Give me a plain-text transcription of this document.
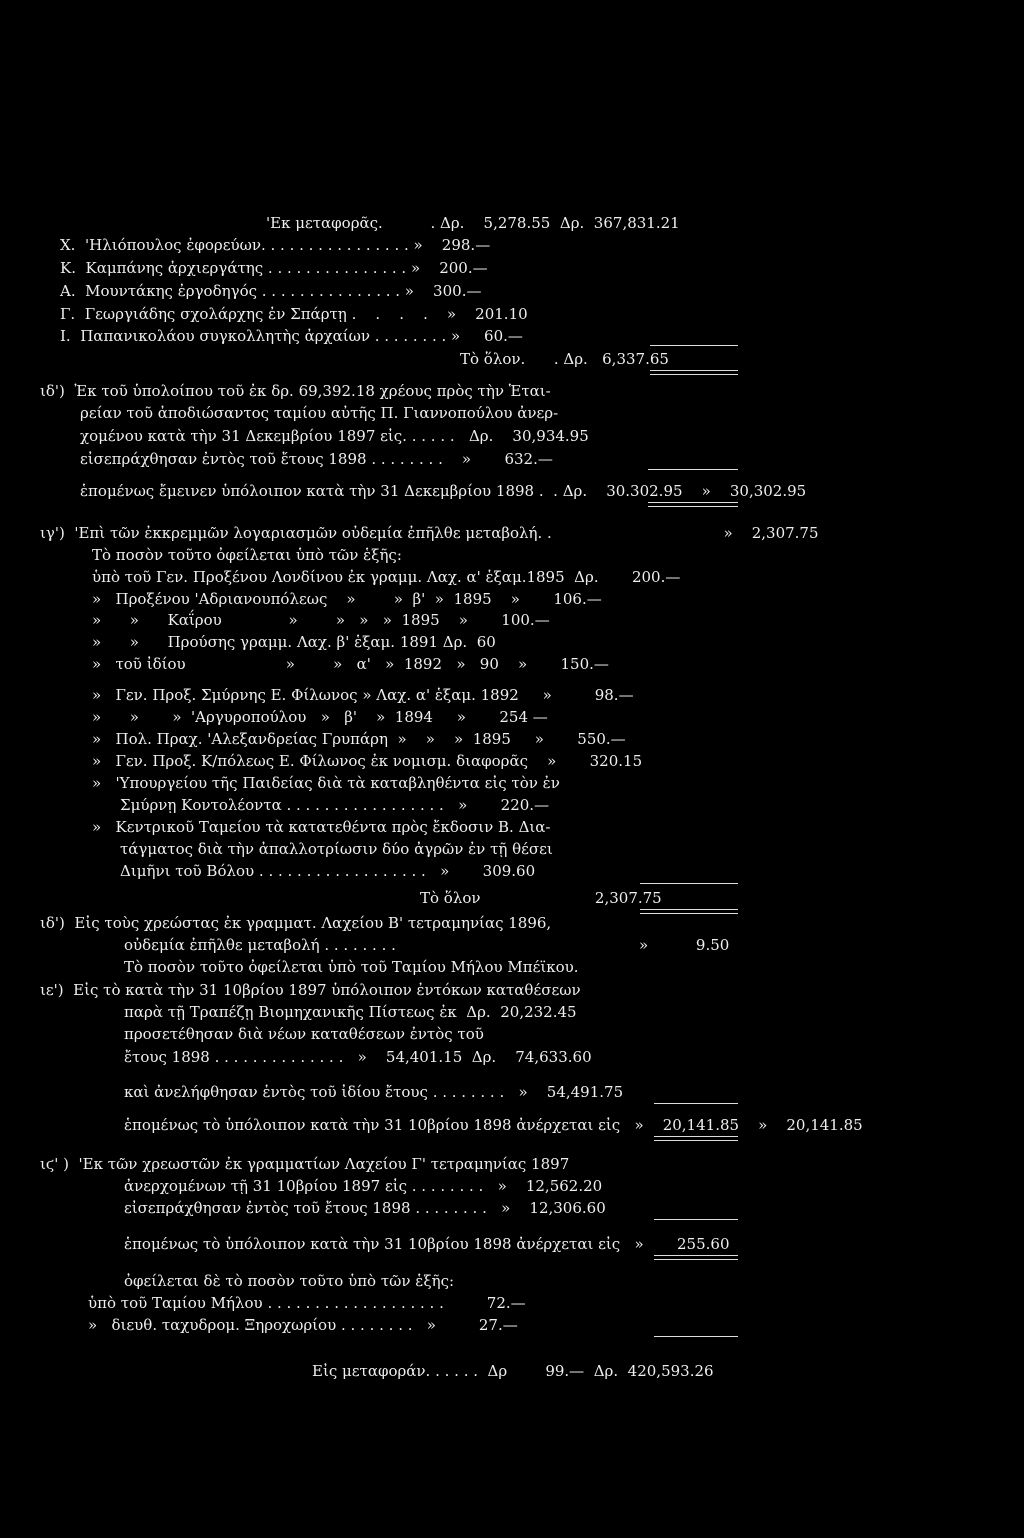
'Εκ μεταφορᾶς.          . Δρ.    5,278.55  Δρ.  367,831.21
Χ.  'Ηλιόπουλος ἐφορεύων. . . . . . . . . . . . . . . . »    298.—
Κ.  Καμπάνης ἀρχιεργάτης . . . . . . . . . . . . . . . »    200.—
Α.  Μουντάκης ἐργοδηγός . . . . . . . . . . . . . . . »    300.—
Γ.  Γεωργιάδης σχολάρχης ἐν Σπάρτῃ .    .    .    .    »    201.10
Ι.  Παπανικολάου συγκολλητὴς ἀρχαίων . . . . . . . . »     60.—
Τὸ ὅλον.      . Δρ.   6,337.65
ιδ')  Ἐκ τοῦ ὑπολοίπου τοῦ ἐκ δρ. 69,392.18 χρέους πρὸς τὴν Ἑται-
ρείαν τοῦ ἀποδιώσαντος ταμίου αὐτῆς Π. Γιαννοπούλου ἀνερ-
χομένου κατὰ τὴν 31 Δεκεμβρίου 1897 εἰς. . . . . .   Δρ.    30,934.95
εἰσεπράχθησαν ἐντὸς τοῦ ἔτους 1898 . . . . . . . .    »       632.—
ἑπομένως ἔμεινεν ὑπόλοιπον κατὰ τὴν 31 Δεκεμβρίου 1898 .  . Δρ.    30.302.95    »    30,302.95
ιγ')  'Επὶ τῶν ἐκκρεμμῶν λογαριασμῶν οὐδεμία ἐπῆλθε μεταβολή. .                                    »    2,307.75
Τὸ ποσὸν τοῦτο ὀφείλεται ὑπὸ τῶν ἑξῆς:
ὑπὸ τοῦ Γεν. Προξένου Λονδίνου ἐκ γραμμ. Λαχ. α' ἑξαμ.1895  Δρ.       200.—
»   Προξένου 'Αδριανουπόλεως    »        »  β'  »  1895    »       106.—
»      »      Καΐρου              »        »   »   »  1895    »       100.—
»      »      Προύσης γραμμ. Λαχ. β' ἑξαμ. 1891 Δρ.  60
»   τοῦ ἰδίου                     »        »   α'   »  1892   »   90    »       150.—
»   Γεν. Προξ. Σμύρνης Ε. Φίλωνος » Λαχ. α' ἑξαμ. 1892     »         98.—
»      »       »  'Αργυροπούλου   »   β'    »  1894     »       254 —
»   Πολ. Πραχ. 'Αλεξανδρείας Γρυπάρη  »    »    »  1895     »       550.—
»   Γεν. Προξ. Κ/πόλεως Ε. Φίλωνος ἐκ νομισμ. διαφορᾶς    »       320.15
»   'Υπουργείου τῆς Παιδείας διὰ τὰ καταβληθέντα εἰς τὸν ἐν
Σμύρνῃ Κοντολέοντα . . . . . . . . . . . . . . . . .   »       220.—
»   Κεντρικοῦ Ταμείου τὰ κατατεθέντα πρὸς ἔκδοσιν Β. Δια-
τάγματος διὰ τὴν ἀπαλλοτρίωσιν δύο ἀγρῶν ἐν τῇ θέσει
Διμῆνι τοῦ Βόλου . . . . . . . . . . . . . . . . . .   »       309.60
Τὸ ὅλον                        2,307.75
ιδ')  Εἰς τοὺς χρεώστας ἐκ γραμματ. Λαχείου Β' τετραμηνίας 1896,
οὐδεμία ἐπῆλθε μεταβολή . . . . . . . .                                                   »          9.50
Τὸ ποσὸν τοῦτο ὀφείλεται ὑπὸ τοῦ Ταμίου Μήλου Μπέϊκου.
ιε')  Εἰς τὸ κατὰ τὴν 31 10βρίου 1897 ὑπόλοιπον ἐντόκων καταθέσεων
παρὰ τῇ Τραπέζῃ Βιομηχανικῆς Πίστεως ἐκ  Δρ.  20,232.45
προσετέθησαν διὰ νέων καταθέσεων ἐντὸς τοῦ
ἔτους 1898 . . . . . . . . . . . . . .   »    54,401.15  Δρ.    74,633.60
καὶ ἀνελήφθησαν ἐντὸς τοῦ ἰδίου ἔτους . . . . . . . .   »    54,491.75
ἑπομένως τὸ ὑπόλοιπον κατὰ τὴν 31 10βρίου 1898 ἀνέρχεται εἰς   »    20,141.85    »    20,141.85
ιϛ' )  'Εκ τῶν χρεωστῶν ἐκ γραμματίων Λαχείου Γ' τετραμηνίας 1897
ἀνερχομένων τῇ 31 10βρίου 1897 εἰς . . . . . . . .   »    12,562.20
εἰσεπράχθησαν ἐντὸς τοῦ ἔτους 1898 . . . . . . . .   »    12,306.60
ἑπομένως τὸ ὑπόλοιπον κατὰ τὴν 31 10βρίου 1898 ἀνέρχεται εἰς   »       255.60
ὀφείλεται δὲ τὸ ποσὸν τοῦτο ὑπὸ τῶν ἑξῆς:
ὑπὸ τοῦ Ταμίου Μήλου . . . . . . . . . . . . . . . . . . .         72.—
»   διευθ. ταχυδρομ. Ξηροχωρίου . . . . . . . .   »         27.—
Εἰς μεταφοράν. . . . . .  Δρ        99.—  Δρ.  420,593.26
